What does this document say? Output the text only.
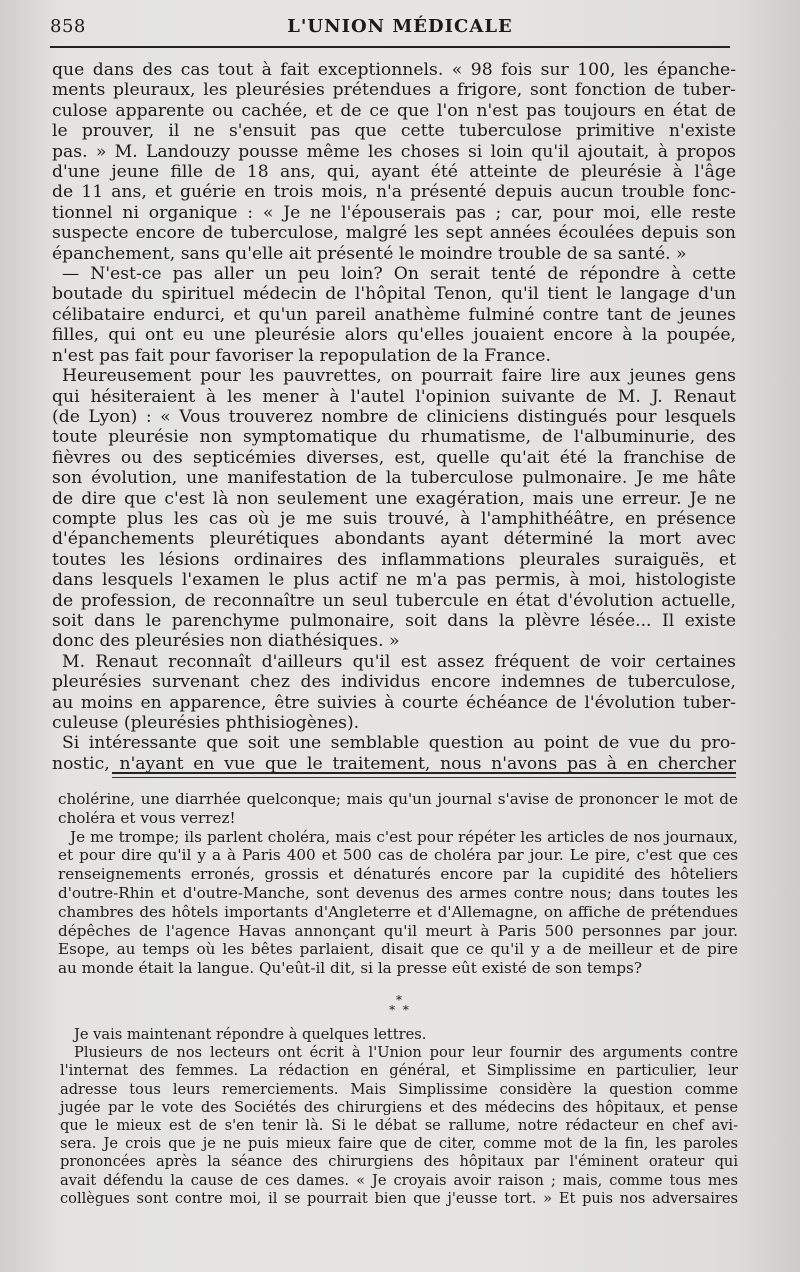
858	L'UNION MÉDICALE
que dans des cas tout à fait exceptionnels. « 98 fois sur 100, les épanche-
ments pleuraux, les pleurésies prétendues a frigore, sont fonction de tuber-
culose apparente ou cachée, et de ce que l'on n'est pas toujours en état de
le prouver, il ne s'ensuit pas que cette tuberculose primitive n'existe
pas. » M. Landouzy pousse même les choses si loin qu'il ajoutait, à propos
d'une jeune fille de 18 ans, qui, ayant été atteinte de pleurésie à l'âge
de 11 ans, et guérie en trois mois, n'a présenté depuis aucun trouble fonc-
tionnel ni organique : « Je ne l'épouserais pas ; car, pour moi, elle reste
suspecte encore de tuberculose, malgré les sept années écoulées depuis son
épanchement, sans qu'elle ait présenté le moindre trouble de sa santé. »
— N'est-ce pas aller un peu loin? On serait tenté de répondre à cette
boutade du spirituel médecin de l'hôpital Tenon, qu'il tient le langage d'un
célibataire endurci, et qu'un pareil anathème fulminé contre tant de jeunes
filles, qui ont eu une pleurésie alors qu'elles jouaient encore à la poupée,
n'est pas fait pour favoriser la repopulation de la France.
Heureusement pour les pauvrettes, on pourrait faire lire aux jeunes gens
qui hésiteraient à les mener à l'autel l'opinion suivante de M. J. Renaut
(de Lyon) : « Vous trouverez nombre de cliniciens distingués pour lesquels
toute pleurésie non symptomatique du rhumatisme, de l'albuminurie, des
fièvres ou des septicémies diverses, est, quelle qu'ait été la franchise de
son évolution, une manifestation de la tuberculose pulmonaire. Je me hâte
de dire que c'est là non seulement une exagération, mais une erreur. Je ne
compte plus les cas où je me suis trouvé, à l'amphithéâtre, en présence
d'épanchements pleurétiques abondants ayant déterminé la mort avec
toutes les lésions ordinaires des inflammations pleurales suraiguës, et
dans lesquels l'examen le plus actif ne m'a pas permis, à moi, histologiste
de profession, de reconnaître un seul tubercule en état d'évolution actuelle,
soit dans le parenchyme pulmonaire, soit dans la plèvre lésée... Il existe
donc des pleurésies non diathésiques. »
M. Renaut reconnaît d'ailleurs qu'il est assez fréquent de voir certaines
pleurésies survenant chez des individus encore indemnes de tuberculose,
au moins en apparence, être suivies à courte échéance de l'évolution tuber-
culeuse (pleurésies phthisiogènes).
Si intéressante que soit une semblable question au point de vue du pro-
nostic, n'ayant en vue que le traitement, nous n'avons pas à en chercher
cholérine, une diarrhée quelconque; mais qu'un journal s'avise de prononcer le mot de
choléra et vous verrez!
Je me trompe; ils parlent choléra, mais c'est pour répéter les articles de nos journaux,
et pour dire qu'il y a à Paris 400 et 500 cas de choléra par jour. Le pire, c'est que ces
renseignements erronés, grossis et dénaturés encore par la cupidité des hôteliers
d'outre-Rhin et d'outre-Manche, sont devenus des armes contre nous; dans toutes les
chambres des hôtels importants d'Angleterre et d'Allemagne, on affiche de prétendues
dépêches de l'agence Havas annonçant qu'il meurt à Paris 500 personnes par jour.
Esope, au temps où les bêtes parlaient, disait que ce qu'il y a de meilleur et de pire
au monde était la langue. Qu'eût-il dit, si la presse eût existé de son temps?
*
* *
Je vais maintenant répondre à quelques lettres.
Plusieurs de nos lecteurs ont écrit à l'Union pour leur fournir des arguments contre
l'internat des femmes. La rédaction en général, et Simplissime en particulier, leur
adresse tous leurs remerciements. Mais Simplissime considère la question comme
jugée par le vote des Sociétés des chirurgiens et des médecins des hôpitaux, et pense
que le mieux est de s'en tenir là. Si le débat se rallume, notre rédacteur en chef avi-
sera. Je crois que je ne puis mieux faire que de citer, comme mot de la fin, les paroles
prononcées après la séance des chirurgiens des hôpitaux par l'éminent orateur qui
avait défendu la cause de ces dames. « Je croyais avoir raison ; mais, comme tous mes
collègues sont contre moi, il se pourrait bien que j'eusse tort. » Et puis nos adversaires
